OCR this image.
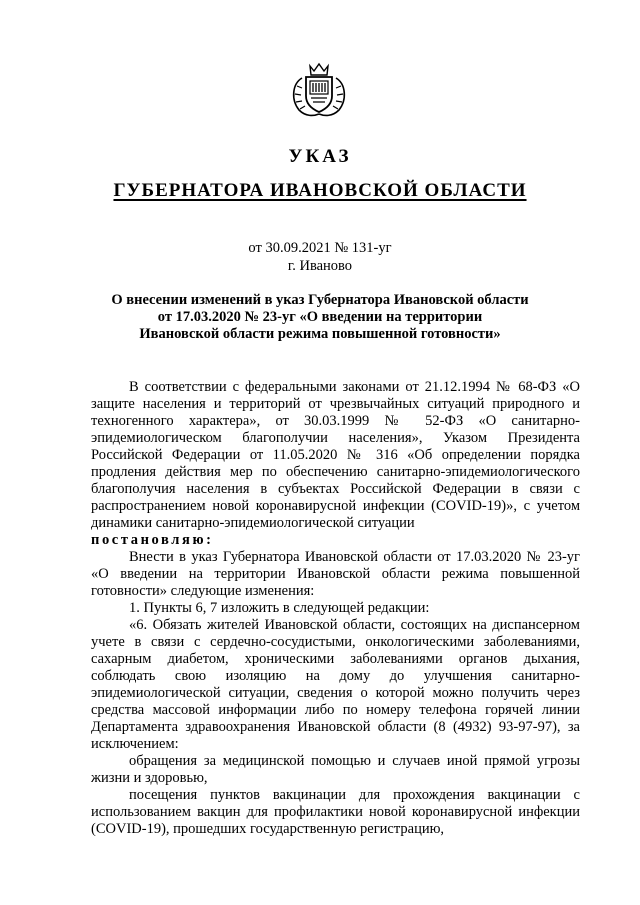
УКАЗ
ГУБЕРНАТОРА ИВАНОВСКОЙ ОБЛАСТИ
от 30.09.2021 № 131-уг
г. Иваново
О внесении изменений в указ Губернатора Ивановской области
от 17.03.2020 № 23-уг «О введении на территории
Ивановской области режима повышенной готовности»

В соответствии с федеральными законами от 21.12.1994 № 68-ФЗ «О защите населения и территорий от чрезвычайных ситуаций природного и техногенного характера», от 30.03.1999 № 52-ФЗ «О санитарно-эпидемиологическом благополучии населения», Указом Президента Российской Федерации от 11.05.2020 № 316 «Об определении порядка продления действия мер по обеспечению санитарно-эпидемиологического благополучия населения в субъектах Российской Федерации в связи с распространением новой коронавирусной инфекции (COVID-19)», с учетом динамики санитарно-эпидемиологической ситуации

постановляю:

Внести в указ Губернатора Ивановской области от 17.03.2020 № 23-уг «О введении на территории Ивановской области режима повышенной готовности» следующие изменения:

1. Пункты 6, 7 изложить в следующей редакции:

«6. Обязать жителей Ивановской области, состоящих на диспансерном учете в связи с сердечно-сосудистыми, онкологическими заболеваниями, сахарным диабетом, хроническими заболеваниями органов дыхания, соблюдать свою изоляцию на дому до улучшения санитарно-эпидемиологической ситуации, сведения о которой можно получить через средства массовой информации либо по номеру телефона горячей линии Департамента здравоохранения Ивановской области (8 (4932) 93-97-97), за исключением:

обращения за медицинской помощью и случаев иной прямой угрозы жизни и здоровью,

посещения пунктов вакцинации для прохождения вакцинации с использованием вакцин для профилактики новой коронавирусной инфекции (COVID-19), прошедших государственную регистрацию,
